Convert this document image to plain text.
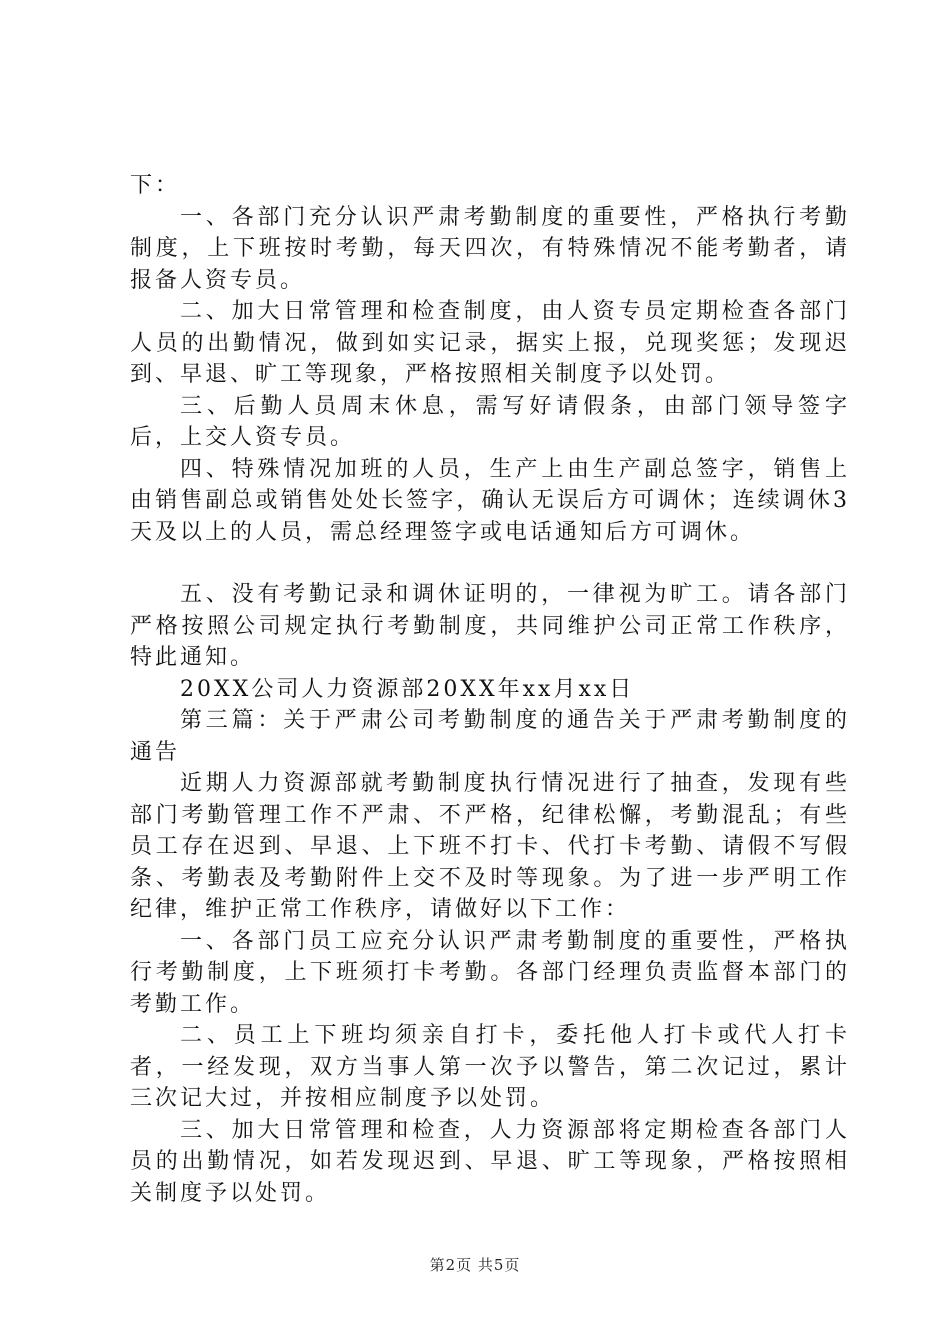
下：

一、各部门充分认识严肃考勤制度的重要性，严格执行考勤制度，上下班按时考勤，每天四次，有特殊情况不能考勤者，请报备人资专员。

二、加大日常管理和检查制度，由人资专员定期检查各部门人员的出勤情况，做到如实记录，据实上报，兑现奖惩；发现迟到、早退、旷工等现象，严格按照相关制度予以处罚。

三、后勤人员周末休息，需写好请假条，由部门领导签字后，上交人资专员。

四、特殊情况加班的人员，生产上由生产副总签字，销售上由销售副总或销售处处长签字，确认无误后方可调休；连续调休3天及以上的人员，需总经理签字或电话通知后方可调休。

五、没有考勤记录和调休证明的，一律视为旷工。请各部门严格按照公司规定执行考勤制度，共同维护公司正常工作秩序，特此通知。

20XX公司人力资源部20XX年xx月xx日

第三篇：关于严肃公司考勤制度的通告关于严肃考勤制度的通告

近期人力资源部就考勤制度执行情况进行了抽查，发现有些部门考勤管理工作不严肃、不严格，纪律松懈，考勤混乱；有些员工存在迟到、早退、上下班不打卡、代打卡考勤、请假不写假条、考勤表及考勤附件上交不及时等现象。为了进一步严明工作纪律，维护正常工作秩序，请做好以下工作：

一、各部门员工应充分认识严肃考勤制度的重要性，严格执行考勤制度，上下班须打卡考勤。各部门经理负责监督本部门的考勤工作。

二、员工上下班均须亲自打卡，委托他人打卡或代人打卡者，一经发现，双方当事人第一次予以警告，第二次记过，累计三次记大过，并按相应制度予以处罚。

三、加大日常管理和检查，人力资源部将定期检查各部门人员的出勤情况，如若发现迟到、早退、旷工等现象，严格按照相关制度予以处罚。

第2页 共5页
